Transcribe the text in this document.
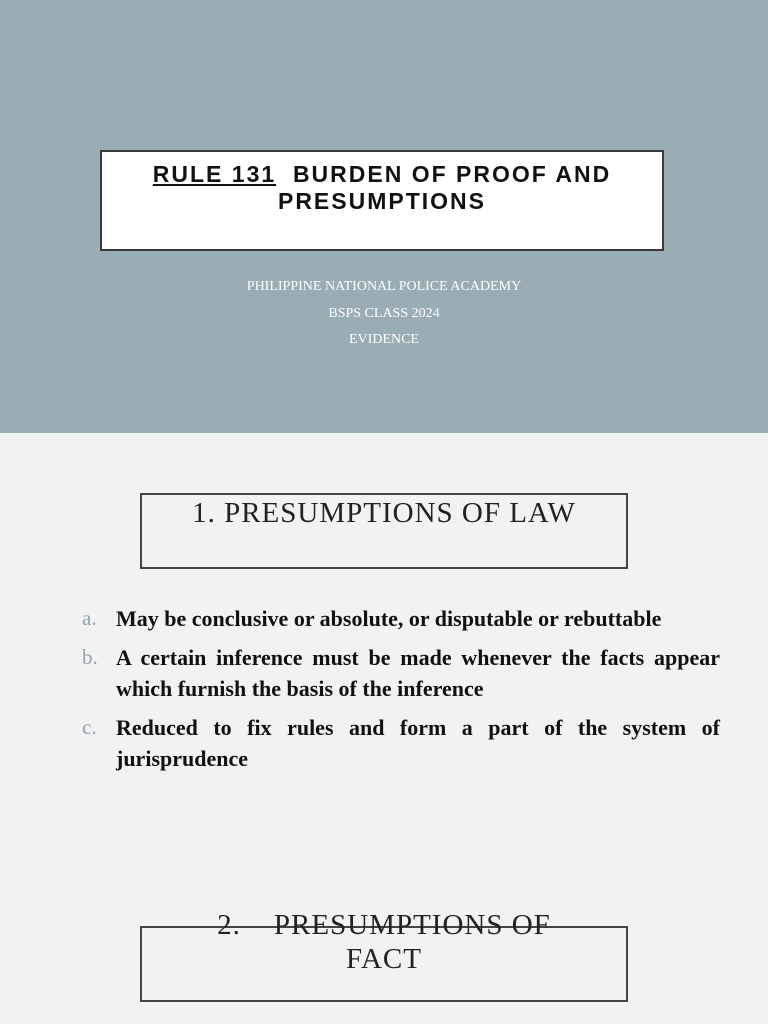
RULE 131 BURDEN OF PROOF AND PRESUMPTIONS
PHILIPPINE NATIONAL POLICE ACADEMY
BSPS CLASS 2024
EVIDENCE
1. PRESUMPTIONS OF LAW
a. May be conclusive or absolute, or disputable or rebuttable
b. A certain inference must be made whenever the facts appear which furnish the basis of the inference
c. Reduced to fix rules and form a part of the system of jurisprudence
2.    PRESUMPTIONS OF
FACT
